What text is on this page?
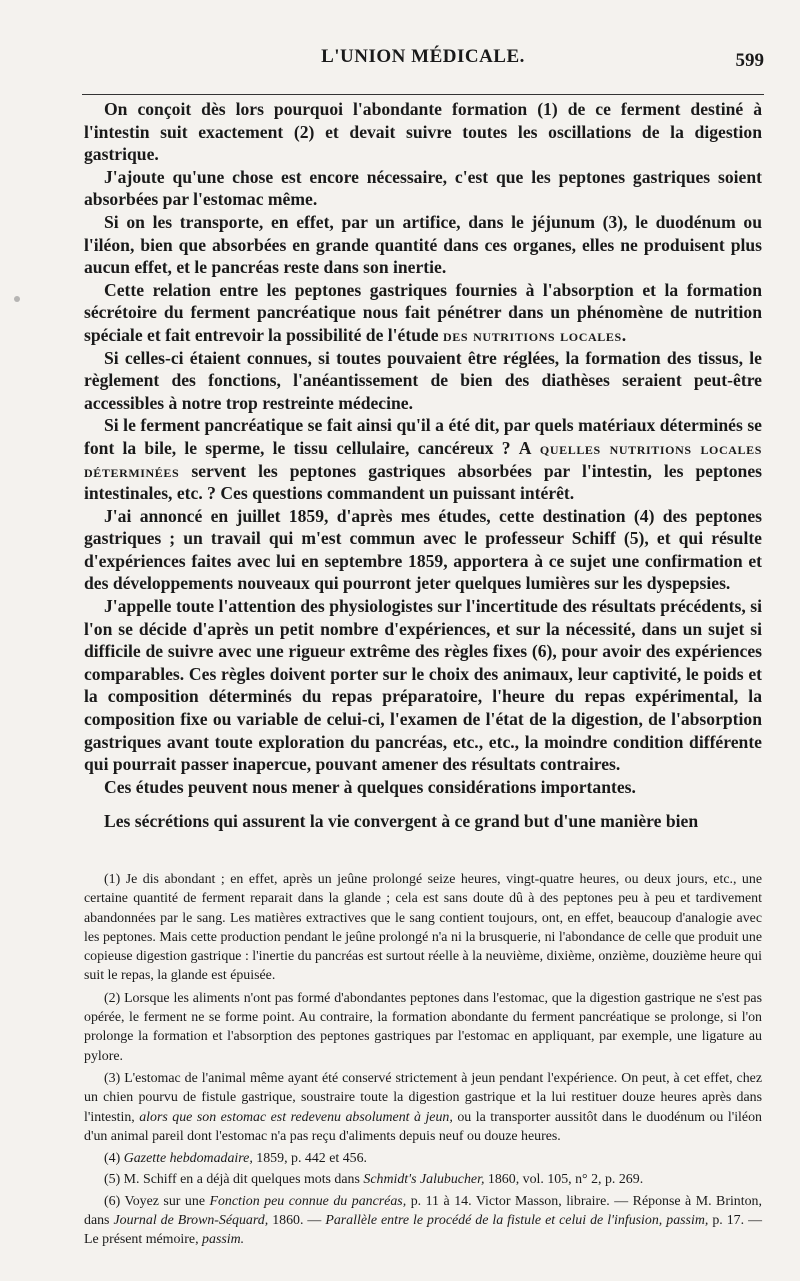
L'UNION MÉDICALE.	599

On conçoit dès lors pourquoi l'abondante formation (1) de ce ferment destiné à l'intestin suit exactement (2) et devait suivre toutes les oscillations de la digestion gastrique.

J'ajoute qu'une chose est encore nécessaire, c'est que les peptones gastriques soient absorbées par l'estomac même.

Si on les transporte, en effet, par un artifice, dans le jéjunum (3), le duodénum ou l'iléon, bien que absorbées en grande quantité dans ces organes, elles ne produisent plus aucun effet, et le pancréas reste dans son inertie.

Cette relation entre les peptones gastriques fournies à l'absorption et la formation sécrétoire du ferment pancréatique nous fait pénétrer dans un phénomène de nutrition spéciale et fait entrevoir la possibilité de l'étude des nutritions locales.

Si celles-ci étaient connues, si toutes pouvaient être réglées, la formation des tissus, le règlement des fonctions, l'anéantissement de bien des diathèses seraient peut-être accessibles à notre trop restreinte médecine.

Si le ferment pancréatique se fait ainsi qu'il a été dit, par quels matériaux déterminés se font la bile, le sperme, le tissu cellulaire, cancéreux ? A quelles nutritions locales déterminées servent les peptones gastriques absorbées par l'intestin, les peptones intestinales, etc. ? Ces questions commandent un puissant intérêt.

J'ai annoncé en juillet 1859, d'après mes études, cette destination (4) des peptones gastriques ; un travail qui m'est commun avec le professeur Schiff (5), et qui résulte d'expériences faites avec lui en septembre 1859, apportera à ce sujet une confirmation et des développements nouveaux qui pourront jeter quelques lumières sur les dyspepsies.

J'appelle toute l'attention des physiologistes sur l'incertitude des résultats précédents, si l'on se décide d'après un petit nombre d'expériences, et sur la nécessité, dans un sujet si difficile de suivre avec une rigueur extrême des règles fixes (6), pour avoir des expériences comparables. Ces règles doivent porter sur le choix des animaux, leur captivité, le poids et la composition déterminés du repas préparatoire, l'heure du repas expérimental, la composition fixe ou variable de celui-ci, l'examen de l'état de la digestion, de l'absorption gastriques avant toute exploration du pancréas, etc., etc., la moindre condition différente qui pourrait passer inapercue, pouvant amener des résultats contraires.

Ces études peuvent nous mener à quelques considérations importantes.

Les sécrétions qui assurent la vie convergent à ce grand but d'une manière bien

(1) Je dis abondant ; en effet, après un jeûne prolongé seize heures, vingt-quatre heures, ou deux jours, etc., une certaine quantité de ferment reparait dans la glande ; cela est sans doute dû à des peptones peu à peu et tardivement abandonnées par le sang. Les matières extractives que le sang contient toujours, ont, en effet, beaucoup d'analogie avec les peptones. Mais cette production pendant le jeûne prolongé n'a ni la brusquerie, ni l'abondance de celle que produit une copieuse digestion gastrique : l'inertie du pancréas est surtout réelle à la neuvième, dixième, onzième, douzième heure qui suit le repas, la glande est épuisée.

(2) Lorsque les aliments n'ont pas formé d'abondantes peptones dans l'estomac, que la digestion gastrique ne s'est pas opérée, le ferment ne se forme point. Au contraire, la formation abondante du ferment pancréatique se prolonge, si l'on prolonge la formation et l'absorption des peptones gastriques par l'estomac en appliquant, par exemple, une ligature au pylore.

(3) L'estomac de l'animal même ayant été conservé strictement à jeun pendant l'expérience. On peut, à cet effet, chez un chien pourvu de fistule gastrique, soustraire toute la digestion gastrique et la lui restituer douze heures après dans l'intestin, alors que son estomac est redevenu absolument à jeun, ou la transporter aussitôt dans le duodénum ou l'iléon d'un animal pareil dont l'estomac n'a pas reçu d'aliments depuis neuf ou douze heures.

(4) Gazette hebdomadaire, 1859, p. 442 et 456.

(5) M. Schiff en a déjà dit quelques mots dans Schmidt's Jalubucher, 1860, vol. 105, n° 2, p. 269.

(6) Voyez sur une Fonction peu connue du pancréas, p. 11 à 14. Victor Masson, libraire. — Réponse à M. Brinton, dans Journal de Brown-Séquard, 1860. — Parallèle entre le procédé de la fistule et celui de l'infusion, passim, p. 17. — Le présent mémoire, passim.
